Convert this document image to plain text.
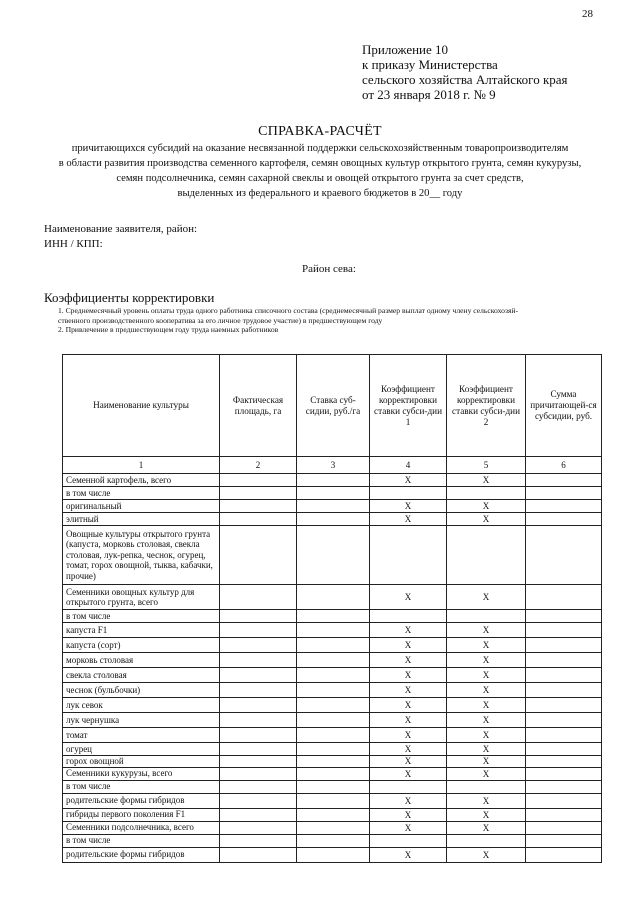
28
Приложение 10
к приказу Министерства
сельского хозяйства Алтайского края
от 23 января 2018 г. № 9
СПРАВКА-РАСЧЁТ
причитающихся субсидий на оказание несвязанной поддержки сельскохозяйственным товаропроизводителям
в области развития производства семенного картофеля, семян овощных культур открытого грунта, семян кукурузы,
семян подсолнечника, семян сахарной свеклы и овощей открытого грунта за счет средств,
выделенных из федерального и краевого бюджетов в 20__ году
Наименование заявителя, район:
ИНН / КПП:
Район сева:
Коэффициенты корректировки
1. Среднемесячный уровень оплаты труда одного работника списочного состава (среднемесячный размер выплат одному члену сельскохозяй-
ственного производственного кооператива за его личное трудовое участие) в предшествующем году
2. Привлечение в предшествующем году труда наемных работников
Наименование культуры	Фактическая площадь, га	Ставка суб-сидии, руб./га	Коэффициент корректировки ставки субси-дии 1	Коэффициент корректировки ставки субси-дии 2	Сумма причитающей-ся субсидии, руб.
1	2	3	4	5	6
Семенной картофель, всего			X	X	
в том числе					
оригинальный			X	X	
элитный			X	X	
Овощные культуры открытого грунта (капуста, морковь столовая, свекла столовая, лук-репка, чеснок, огурец, томат, горох овощной, тыква, кабачки, прочие)					
Семенники овощных культур для открытого грунта, всего			X	X	
в том числе					
капуста F1			X	X	
капуста (сорт)			X	X	
морковь столовая			X	X	
свекла столовая			X	X	
чеснок (бульбочки)			X	X	
лук севок			X	X	
лук чернушка			X	X	
томат			X	X	
огурец			X	X	
горох овощной			X	X	
Семенники кукурузы, всего			X	X	
в том числе					
родительские формы гибридов			X	X	
гибриды первого поколения F1			X	X	
Семенники подсолнечника, всего			X	X	
в том числе					
родительские формы гибридов			X	X	
